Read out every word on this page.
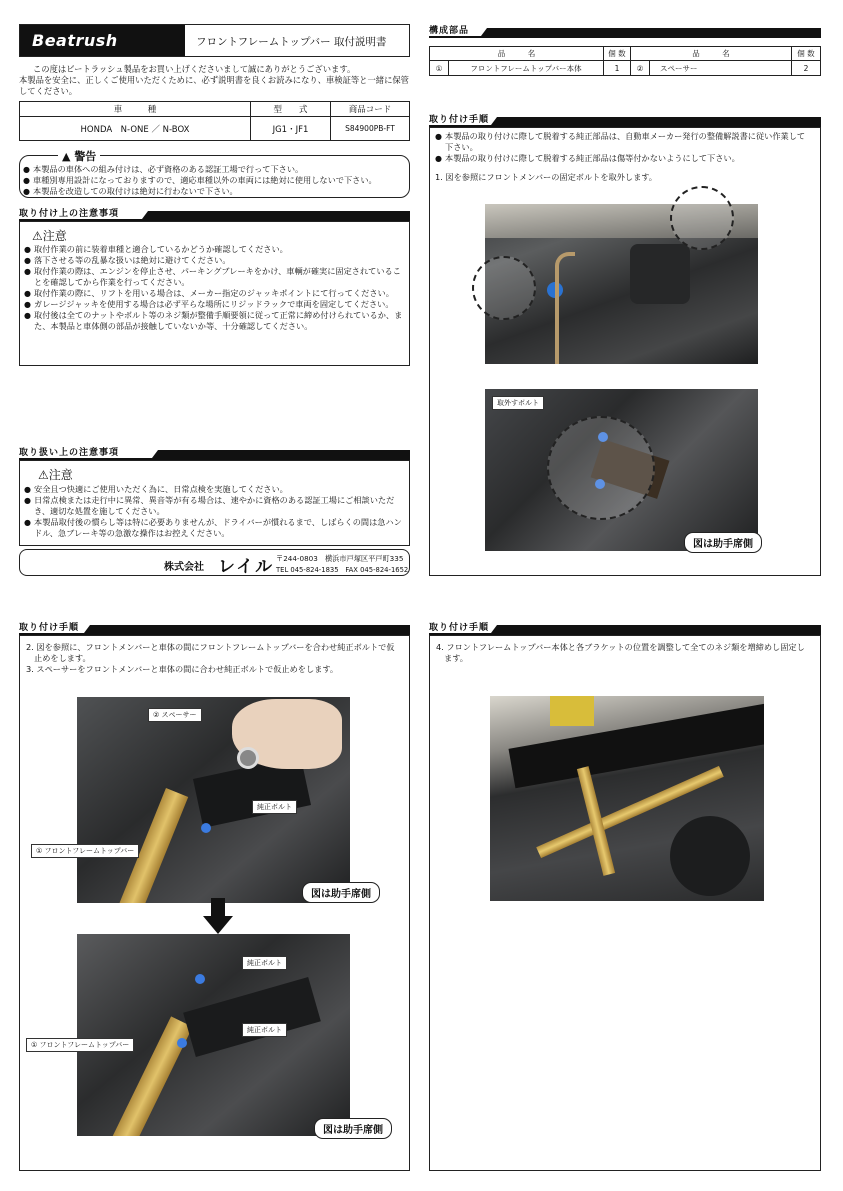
Beatrush	フロントフレームトップバー 取付説明書

この度はビートラッシュ製品をお買い上げくださいまして誠にありがとうございます。

本製品を安全に、正しくご使用いただくために、必ず説明書を良くお読みになり、車検証等と一緒に保管してください。

車　　　種	型　　式	商品コード
HONDA　N-ONE ／ N-BOX	JG1・JF1	S84900PB-FT
▲ 警告
● 本製品の車体への組み付けは、必ず資格のある認証工場で行って下さい。
● 車種別専用設計になっておりますので、適応車種以外の車両には絶対に使用しないで下さい。
● 本製品を改造しての取付けは絶対に行わないで下さい。
取り付け上の注意事項
⚠注意
● 取付作業の前に装着車種と適合しているかどうか確認してください。
● 落下させる等の乱暴な扱いは絶対に避けてください。
● 取付作業の際は、エンジンを停止させ、パーキングブレーキをかけ、車輌が確実に固定されていることを確認してから作業を行ってください。
● 取付作業の際に、リフトを用いる場合は、メーカー指定のジャッキポイントにて行ってください。
● ガレージジャッキを使用する場合は必ず平らな場所にリジッドラックで車両を固定してください。
● 取付後は全てのナットやボルト等のネジ類が整備手順要領に従って正常に締め付けられているか、また、本製品と車体側の部品が接触していないか等、十分確認してください。
取り扱い上の注意事項
⚠注意
● 安全且つ快適にご使用いただく為に、日常点検を実施してください。
● 日常点検または走行中に異常、異音等が有る場合は、速やかに資格のある認証工場にご相談いただき、適切な処置を施してください。
● 本製品取付後の慣らし等は特に必要ありませんが、ドライバーが慣れるまで、しばらくの間は急ハンドル、急ブレーキ等の急激な操作はお控えください。
株式会社 レイル 〒244-0803　横浜市戸塚区平戸町335
TEL 045-824-1835　FAX 045-824-1652
構成部品
品　　　名		個 数	品　　　名		個 数
①	フロントフレームトップバー本体	1	②	スペーサー	2
取り付け手順
● 本製品の取り付けに際して脱着する純正部品は、自動車メーカー発行の整備解説書に従い作業して下さい。
● 本製品の取り付けに際して脱着する純正部品は傷等付かないようにして下さい。

1. 図を参照にフロントメンバーの固定ボルトを取外します。

取外すボルト
図は助手席側
取り付け手順

2. 図を参照に、フロントメンバーと車体の間にフロントフレームトップバーを合わせ純正ボルトで仮止めをします。

3. スペーサーをフロントメンバーと車体の間に合わせ純正ボルトで仮止めをします。

② スペーサー
純正ボルト
① フロントフレームトップバー
図は助手席側
純正ボルト
純正ボルト
① フロントフレームトップバー
図は助手席側
取り付け手順

4. フロントフレームトップバー本体と各ブラケットの位置を調整して全てのネジ類を増締めし固定します。
